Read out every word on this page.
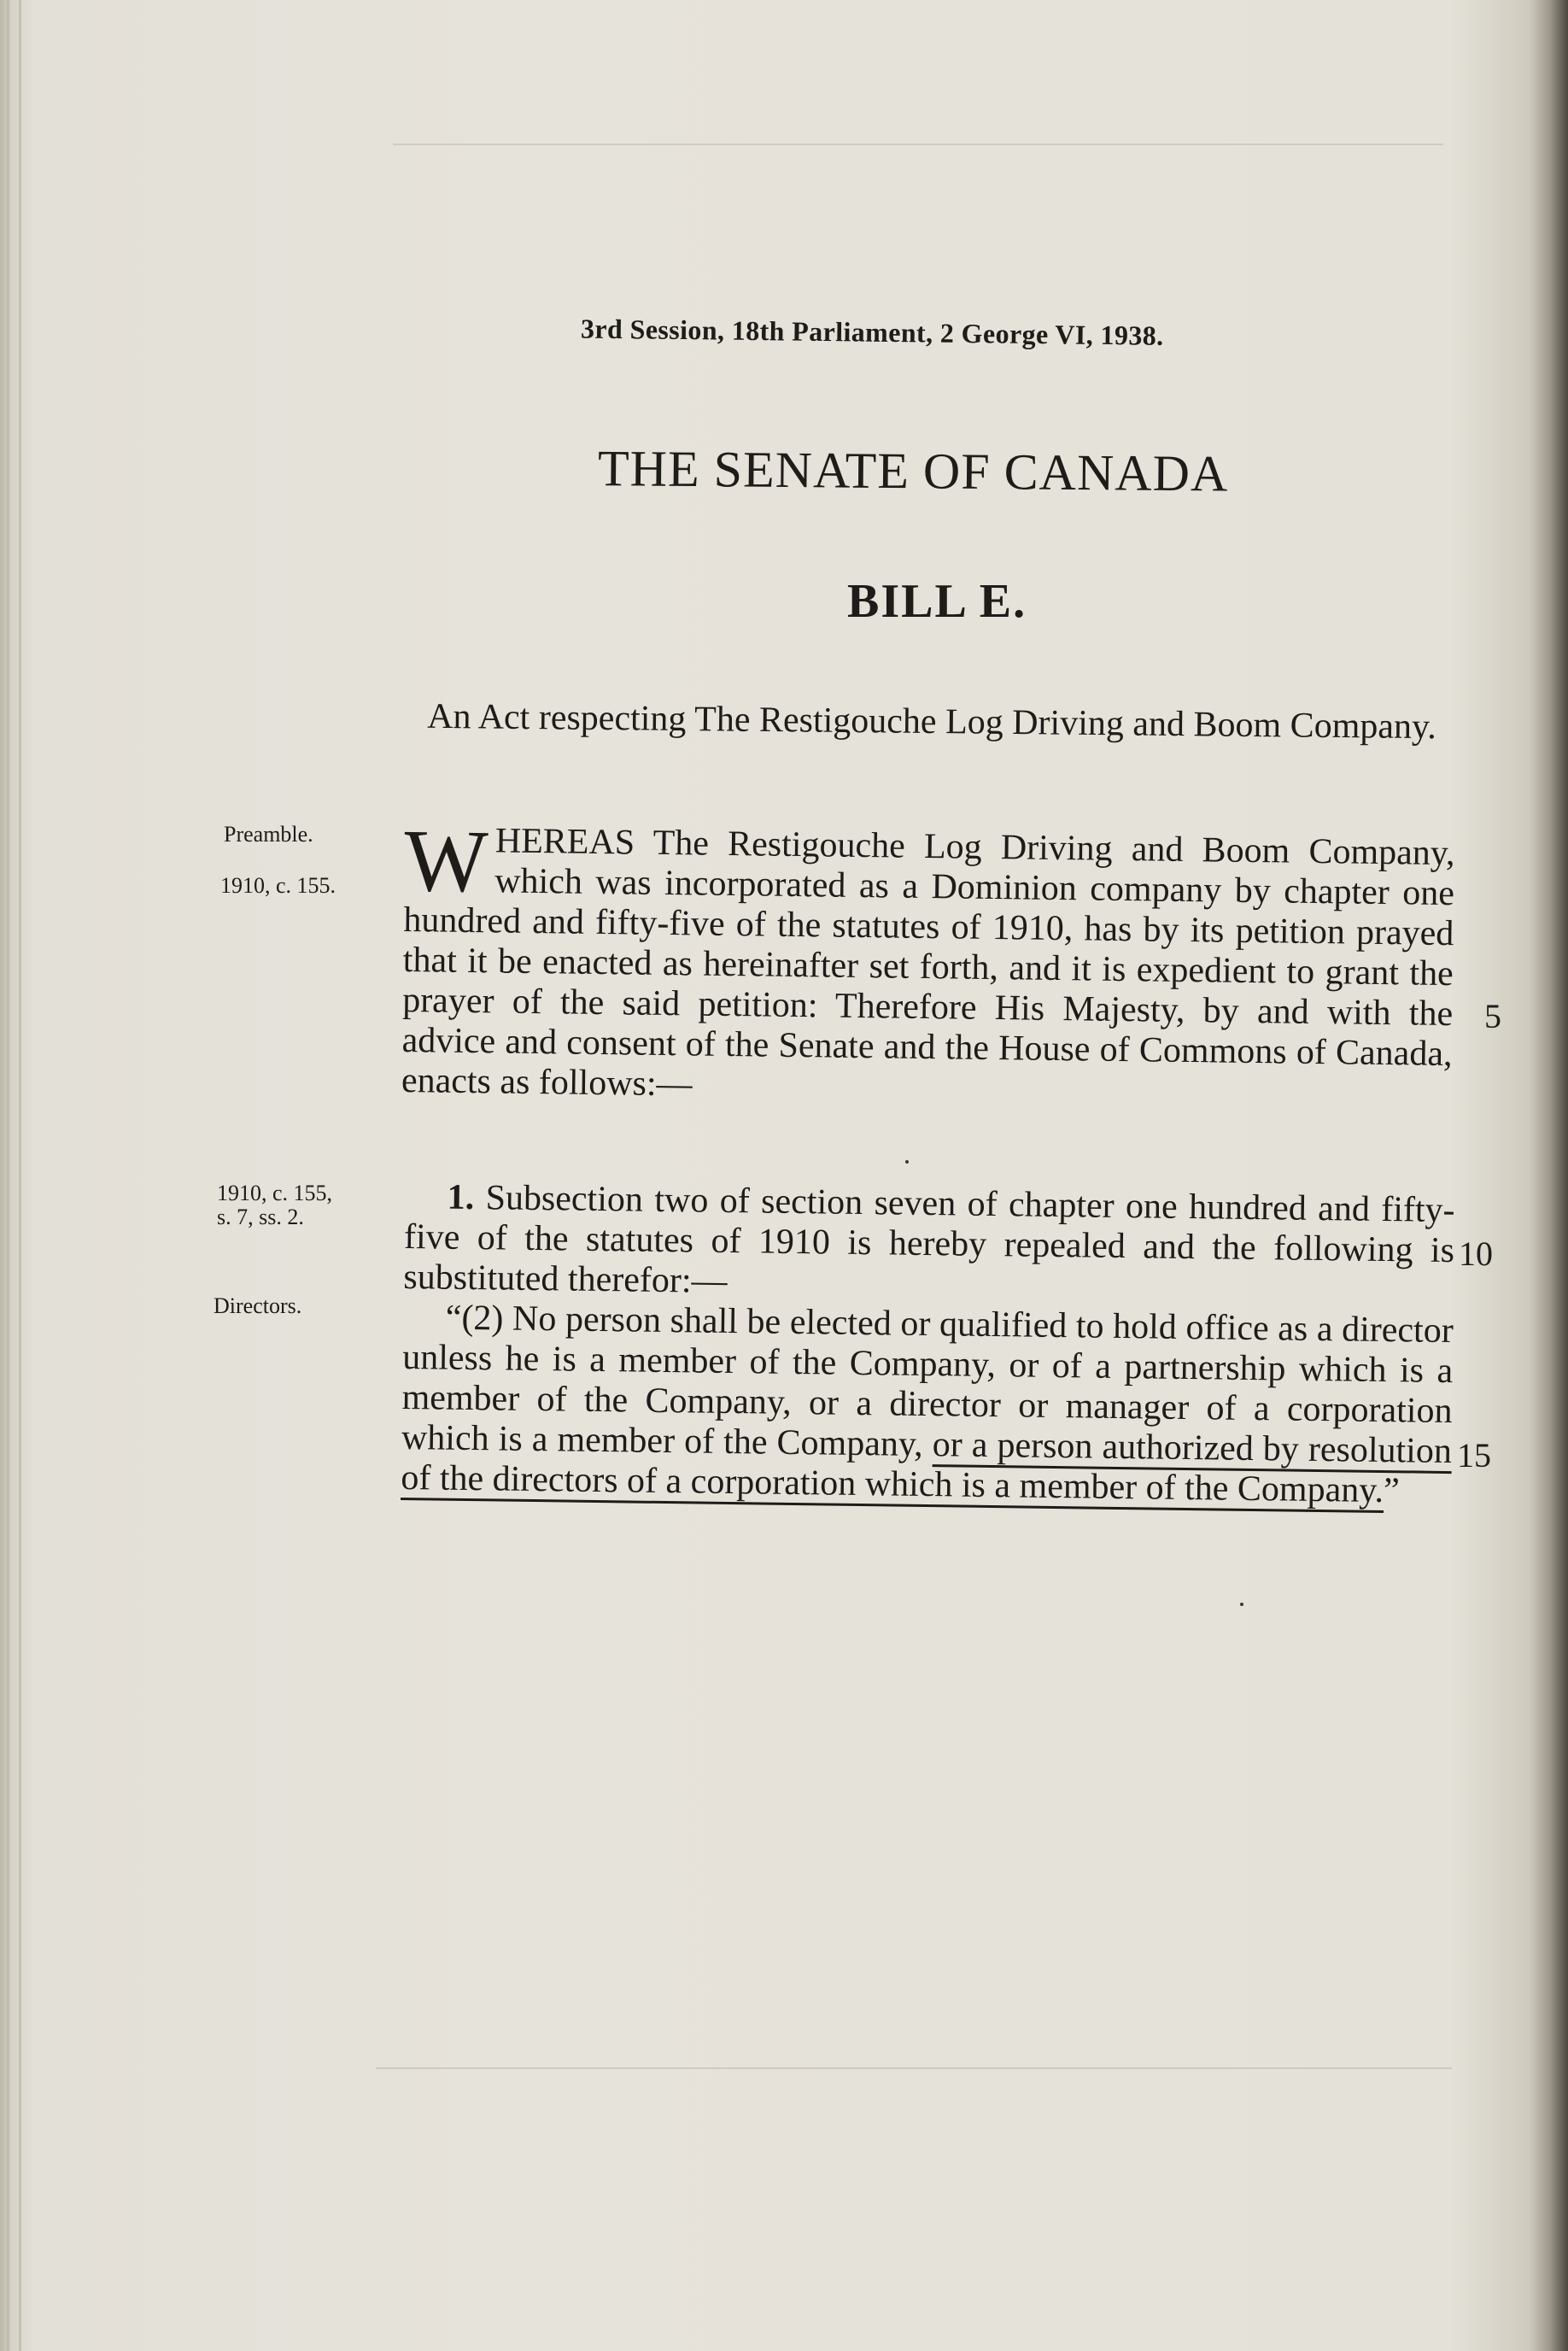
3rd Session, 18th Parliament, 2 George VI, 1938.
THE SENATE OF CANADA
BILL E.
An Act respecting The Restigouche Log Driving and Boom Company.
Preamble.
1910, c. 155.
1910, c. 155,
s. 7, ss. 2.
Directors.

WHEREAS The Restigouche Log Driving and Boom Company, which was incorporated as a Dominion company by chapter one hundred and fifty-five of the statutes of 1910, has by its petition prayed that it be enacted as hereinafter set forth, and it is expedient to grant the prayer of the said petition: Therefore His Majesty, by and with the advice and consent of the Senate and the House of Commons of Canada, enacts as follows:—

1. Subsection two of section seven of chapter one hundred and fifty-five of the statutes of 1910 is hereby repealed and the following is substituted therefor:—

“(2) No person shall be elected or qualified to hold office as a director unless he is a member of the Company, or of a partnership which is a member of the Company, or a director or manager of a corporation which is a member of the Company, or a person authorized by resolution of the directors of a corporation which is a member of the Company.”

5
10
15
